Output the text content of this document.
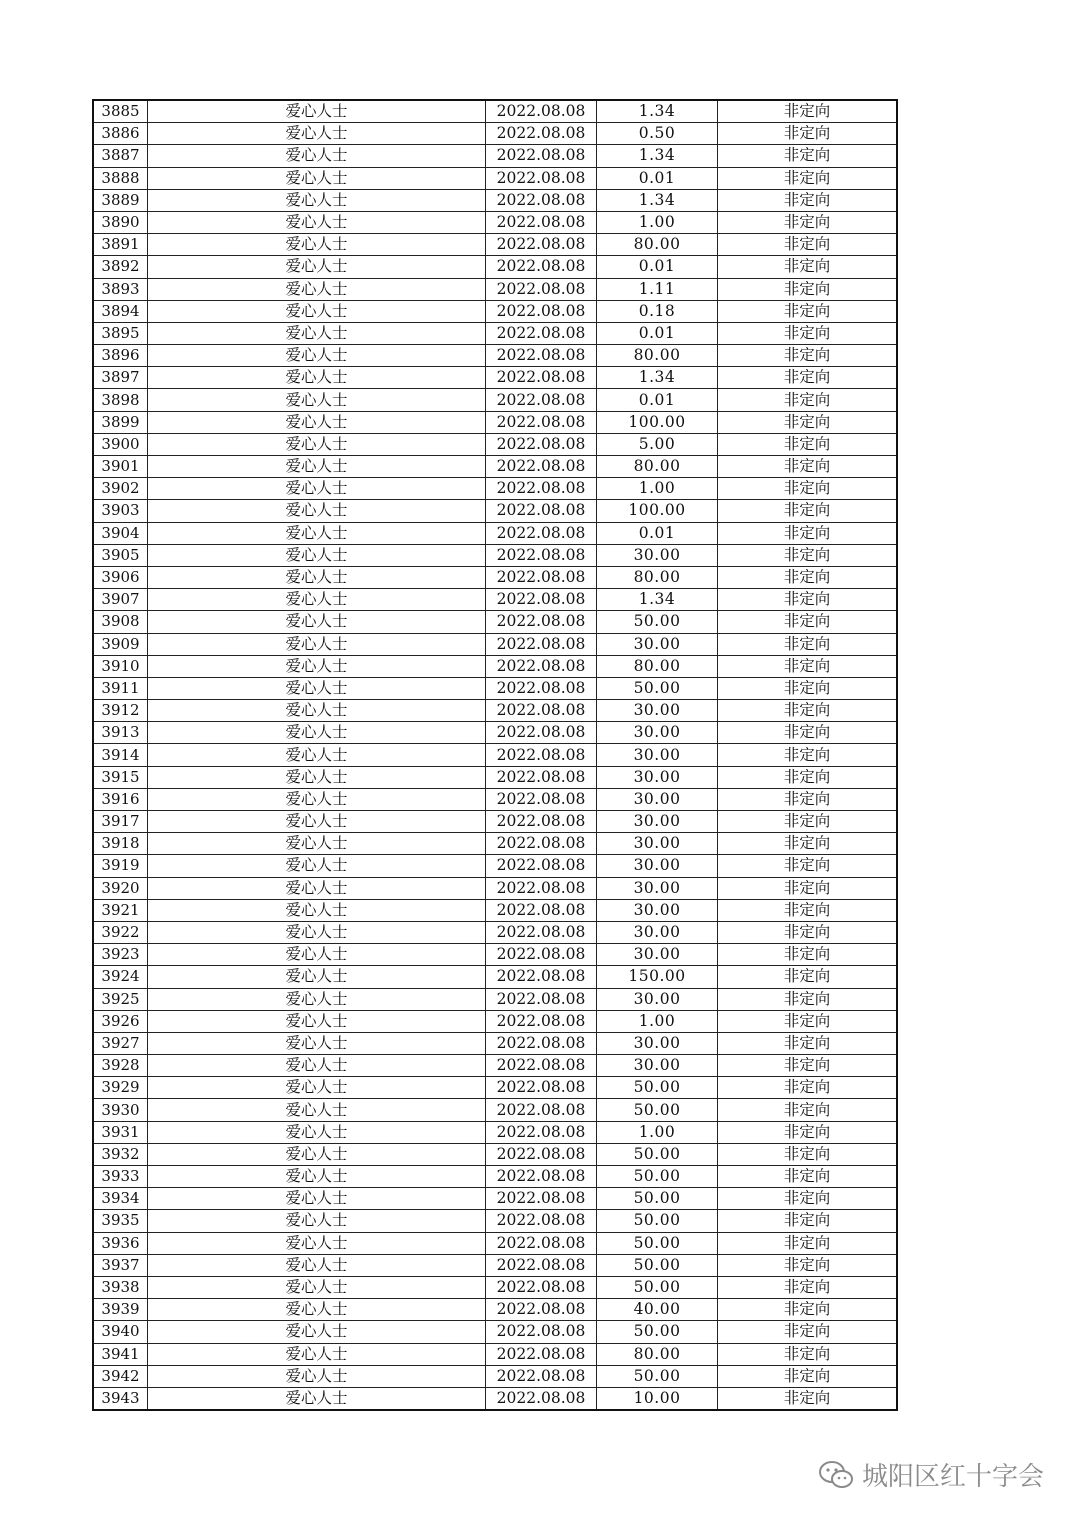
3885	爱心人士	2022.08.08	1.34	非定向
3886	爱心人士	2022.08.08	0.50	非定向
3887	爱心人士	2022.08.08	1.34	非定向
3888	爱心人士	2022.08.08	0.01	非定向
3889	爱心人士	2022.08.08	1.34	非定向
3890	爱心人士	2022.08.08	1.00	非定向
3891	爱心人士	2022.08.08	80.00	非定向
3892	爱心人士	2022.08.08	0.01	非定向
3893	爱心人士	2022.08.08	1.11	非定向
3894	爱心人士	2022.08.08	0.18	非定向
3895	爱心人士	2022.08.08	0.01	非定向
3896	爱心人士	2022.08.08	80.00	非定向
3897	爱心人士	2022.08.08	1.34	非定向
3898	爱心人士	2022.08.08	0.01	非定向
3899	爱心人士	2022.08.08	100.00	非定向
3900	爱心人士	2022.08.08	5.00	非定向
3901	爱心人士	2022.08.08	80.00	非定向
3902	爱心人士	2022.08.08	1.00	非定向
3903	爱心人士	2022.08.08	100.00	非定向
3904	爱心人士	2022.08.08	0.01	非定向
3905	爱心人士	2022.08.08	30.00	非定向
3906	爱心人士	2022.08.08	80.00	非定向
3907	爱心人士	2022.08.08	1.34	非定向
3908	爱心人士	2022.08.08	50.00	非定向
3909	爱心人士	2022.08.08	30.00	非定向
3910	爱心人士	2022.08.08	80.00	非定向
3911	爱心人士	2022.08.08	50.00	非定向
3912	爱心人士	2022.08.08	30.00	非定向
3913	爱心人士	2022.08.08	30.00	非定向
3914	爱心人士	2022.08.08	30.00	非定向
3915	爱心人士	2022.08.08	30.00	非定向
3916	爱心人士	2022.08.08	30.00	非定向
3917	爱心人士	2022.08.08	30.00	非定向
3918	爱心人士	2022.08.08	30.00	非定向
3919	爱心人士	2022.08.08	30.00	非定向
3920	爱心人士	2022.08.08	30.00	非定向
3921	爱心人士	2022.08.08	30.00	非定向
3922	爱心人士	2022.08.08	30.00	非定向
3923	爱心人士	2022.08.08	30.00	非定向
3924	爱心人士	2022.08.08	150.00	非定向
3925	爱心人士	2022.08.08	30.00	非定向
3926	爱心人士	2022.08.08	1.00	非定向
3927	爱心人士	2022.08.08	30.00	非定向
3928	爱心人士	2022.08.08	30.00	非定向
3929	爱心人士	2022.08.08	50.00	非定向
3930	爱心人士	2022.08.08	50.00	非定向
3931	爱心人士	2022.08.08	1.00	非定向
3932	爱心人士	2022.08.08	50.00	非定向
3933	爱心人士	2022.08.08	50.00	非定向
3934	爱心人士	2022.08.08	50.00	非定向
3935	爱心人士	2022.08.08	50.00	非定向
3936	爱心人士	2022.08.08	50.00	非定向
3937	爱心人士	2022.08.08	50.00	非定向
3938	爱心人士	2022.08.08	50.00	非定向
3939	爱心人士	2022.08.08	40.00	非定向
3940	爱心人士	2022.08.08	50.00	非定向
3941	爱心人士	2022.08.08	80.00	非定向
3942	爱心人士	2022.08.08	50.00	非定向
3943	爱心人士	2022.08.08	10.00	非定向
城阳区红十字会
